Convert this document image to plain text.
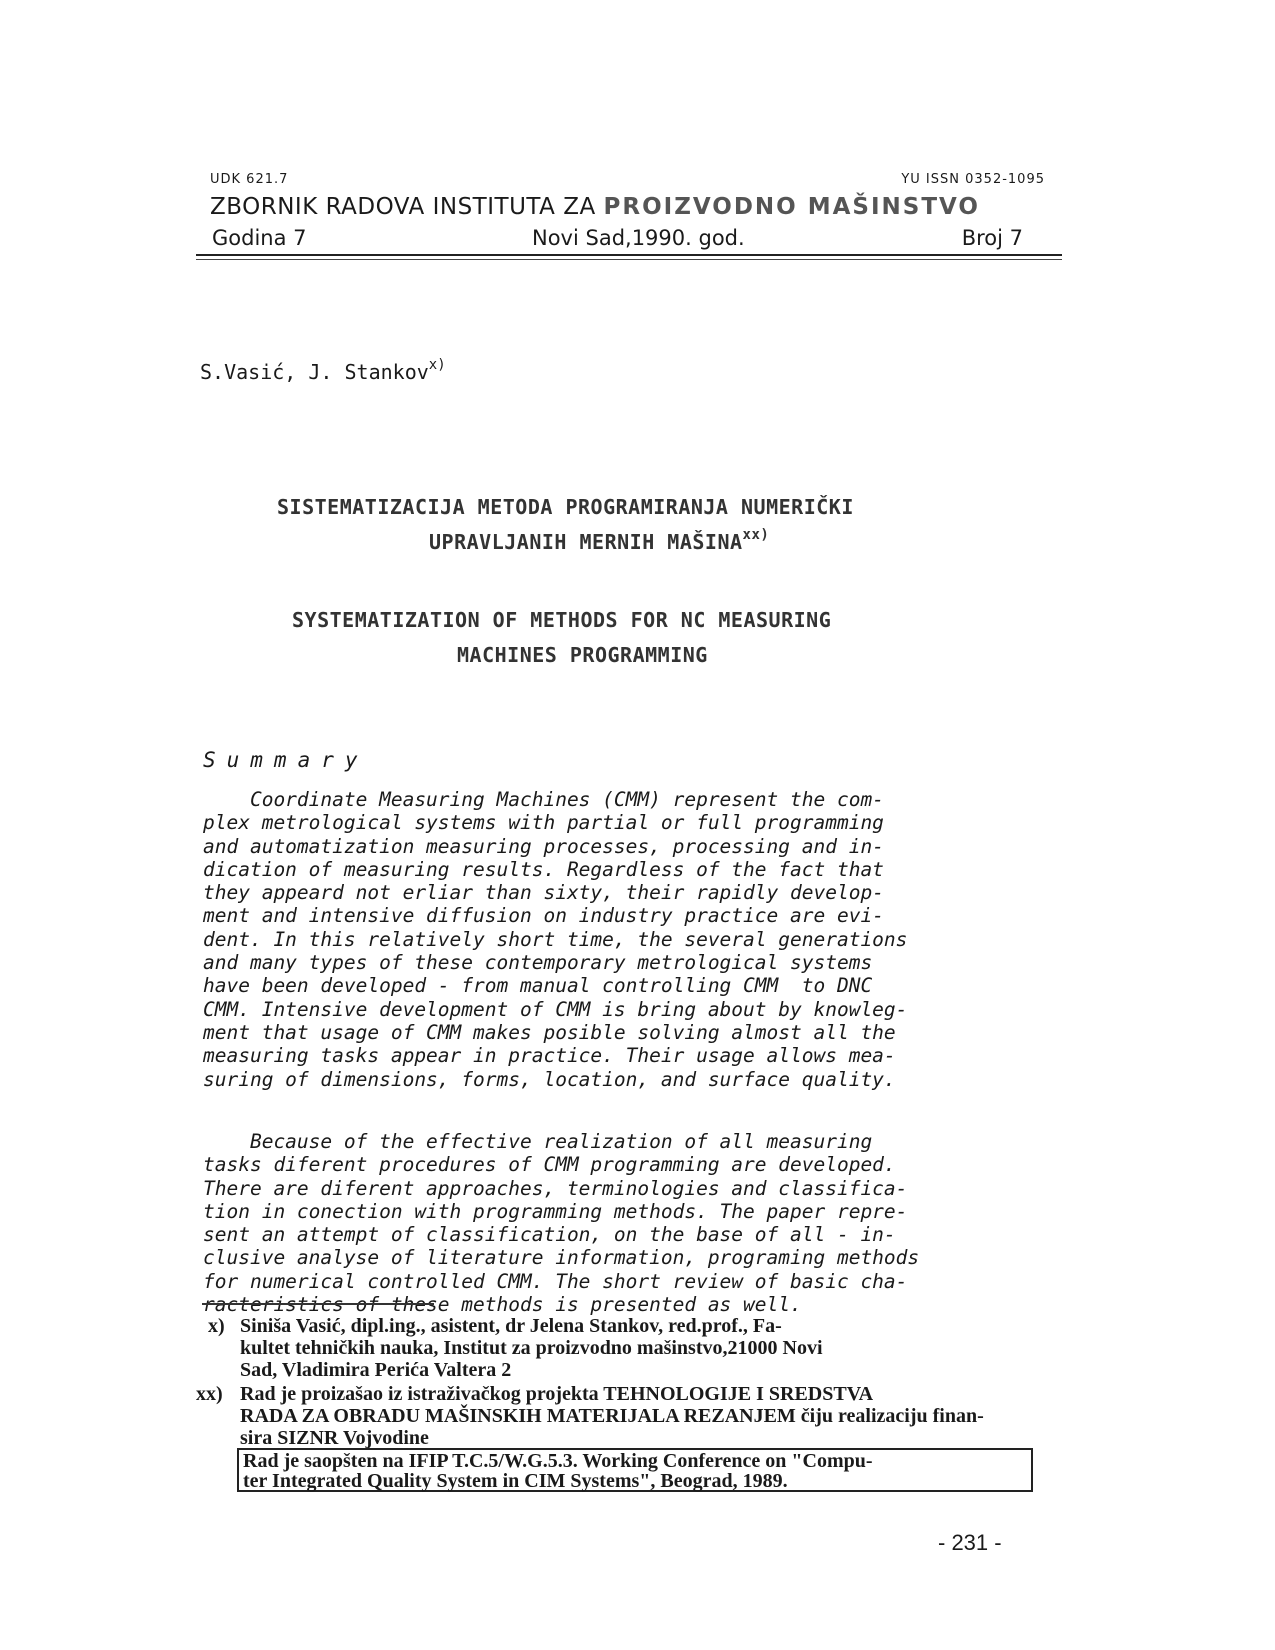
UDK 621.7	YU ISSN 0352-1095
ZBORNIK RADOVA INSTITUTA ZA PROIZVODNO MAŠINSTVO
Godina 7	Novi Sad,1990. god.	Broj 7
S.Vasić, J. Stankov$^{x)}$
SISTEMATIZACIJA METODA PROGRAMIRANJA NUMERIČKI
UPRAVLJANIH MERNIH MAŠINA$^{xx)}$
SYSTEMATIZATION OF METHODS FOR NC MEASURING
MACHINES PROGRAMMING
Summary
Coordinate Measuring Machines (CMM) represent the com-
plex metrological systems with partial or full programming
and automatization measuring processes, processing and in-
dication of measuring results. Regardless of the fact that
they appeard not erliar than sixty, their rapidly develop-
ment and intensive diffusion on industry practice are evi-
dent. In this relatively short time, the several generations
and many types of these contemporary metrological systems
have been developed - from manual controlling CMM  to DNC
CMM. Intensive development of CMM is bring about by knowleg-
ment that usage of CMM makes posible solving almost all the
measuring tasks appear in practice. Their usage allows mea-
suring of dimensions, forms, location, and surface quality.
Because of the effective realization of all measuring
tasks diferent procedures of CMM programming are developed.
There are diferent approaches, terminologies and classifica-
tion in conection with programming methods. The paper repre-
sent an attempt of classification, on the base of all - in-
clusive analyse of literature information, programing methods
for numerical controlled CMM. The short review of basic cha-
racteristics of these methods is presented as well.
x) Siniša Vasić, dipl.ing., asistent, dr Jelena Stankov, red.prof., Fa-
kultet tehničkih nauka, Institut za proizvodno mašinstvo,21000 Novi
Sad, Vladimira Perića Valtera 2
xx) Rad je proizašao iz istraživačkog projekta TEHNOLOGIJE I SREDSTVA
RADA ZA OBRADU MAŠINSKIH MATERIJALA REZANJEM čiju realizaciju finan-
sira SIZNR Vojvodine
Rad je saopšten na IFIP T.C.5/W.G.5.3. Working Conference on "Compu-
ter Integrated Quality System in CIM Systems", Beograd, 1989.
- 231 -
